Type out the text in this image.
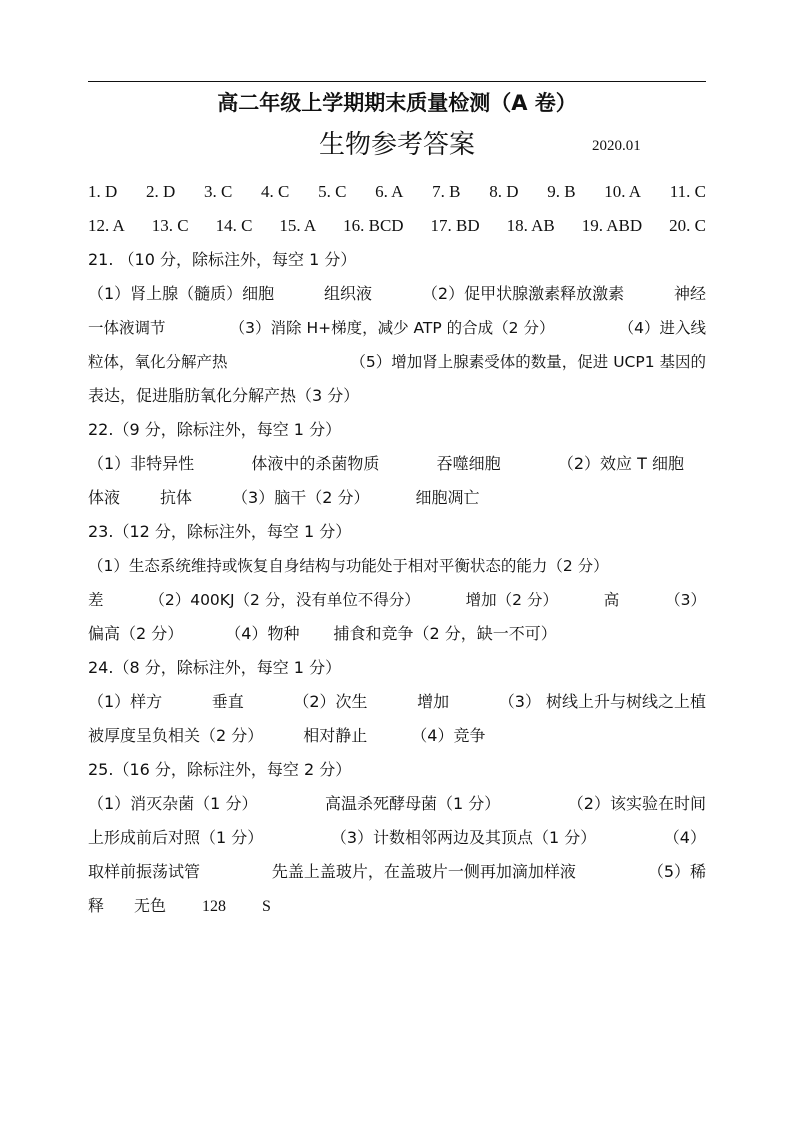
高二年级上学期期末质量检测（A 卷）
生物参考答案	2020.01
1. D 2. D 3. C 4. C 5. C 6. A 7. B 8. D 9. B 10. A 11. C
12. A 13. C 14. C 15. A 16. BCD 17. BD 18. AB 19. ABD 20. C
21. （10 分，除标注外，每空 1 分）
（1）肾上腺（髓质）细胞	组织液	（2）促甲状腺激素释放激素	神经
一体液调节	（3）消除 H+梯度，减少 ATP 的合成（2 分）	（4）进入线
粒体，氧化分解产热	（5）增加肾上腺素受体的数量，促进 UCP1 基因的
表达，促进脂肪氧化分解产热（3 分）
22.（9 分，除标注外，每空 1 分）
（1）非特异性	体液中的杀菌物质	吞噬细胞	（2）效应 T 细胞
体液	抗体	（3）脑干（2 分）	细胞凋亡
23.（12 分，除标注外，每空 1 分）
（1）生态系统维持或恢复自身结构与功能处于相对平衡状态的能力（2 分）
差	（2）400KJ（2 分，没有单位不得分）	增加（2 分）	高	（3）
偏高（2 分）	（4）物种 捕食和竞争（2 分，缺一不可）
24.（8 分，除标注外，每空 1 分）
（1）样方	垂直	（2）次生	增加	（3） 树线上升与树线之上植
被厚度呈负相关（2 分）	相对静止	（4）竞争
25.（16 分，除标注外，每空 2 分）
（1）消灭杂菌（1 分）	高温杀死酵母菌（1 分）	（2）该实验在时间
上形成前后对照（1 分）	（3）计数相邻两边及其顶点（1 分）	（4）
取样前振荡试管	先盖上盖玻片，在盖玻片一侧再加滴加样液	（5）稀
释 无色 128 S
